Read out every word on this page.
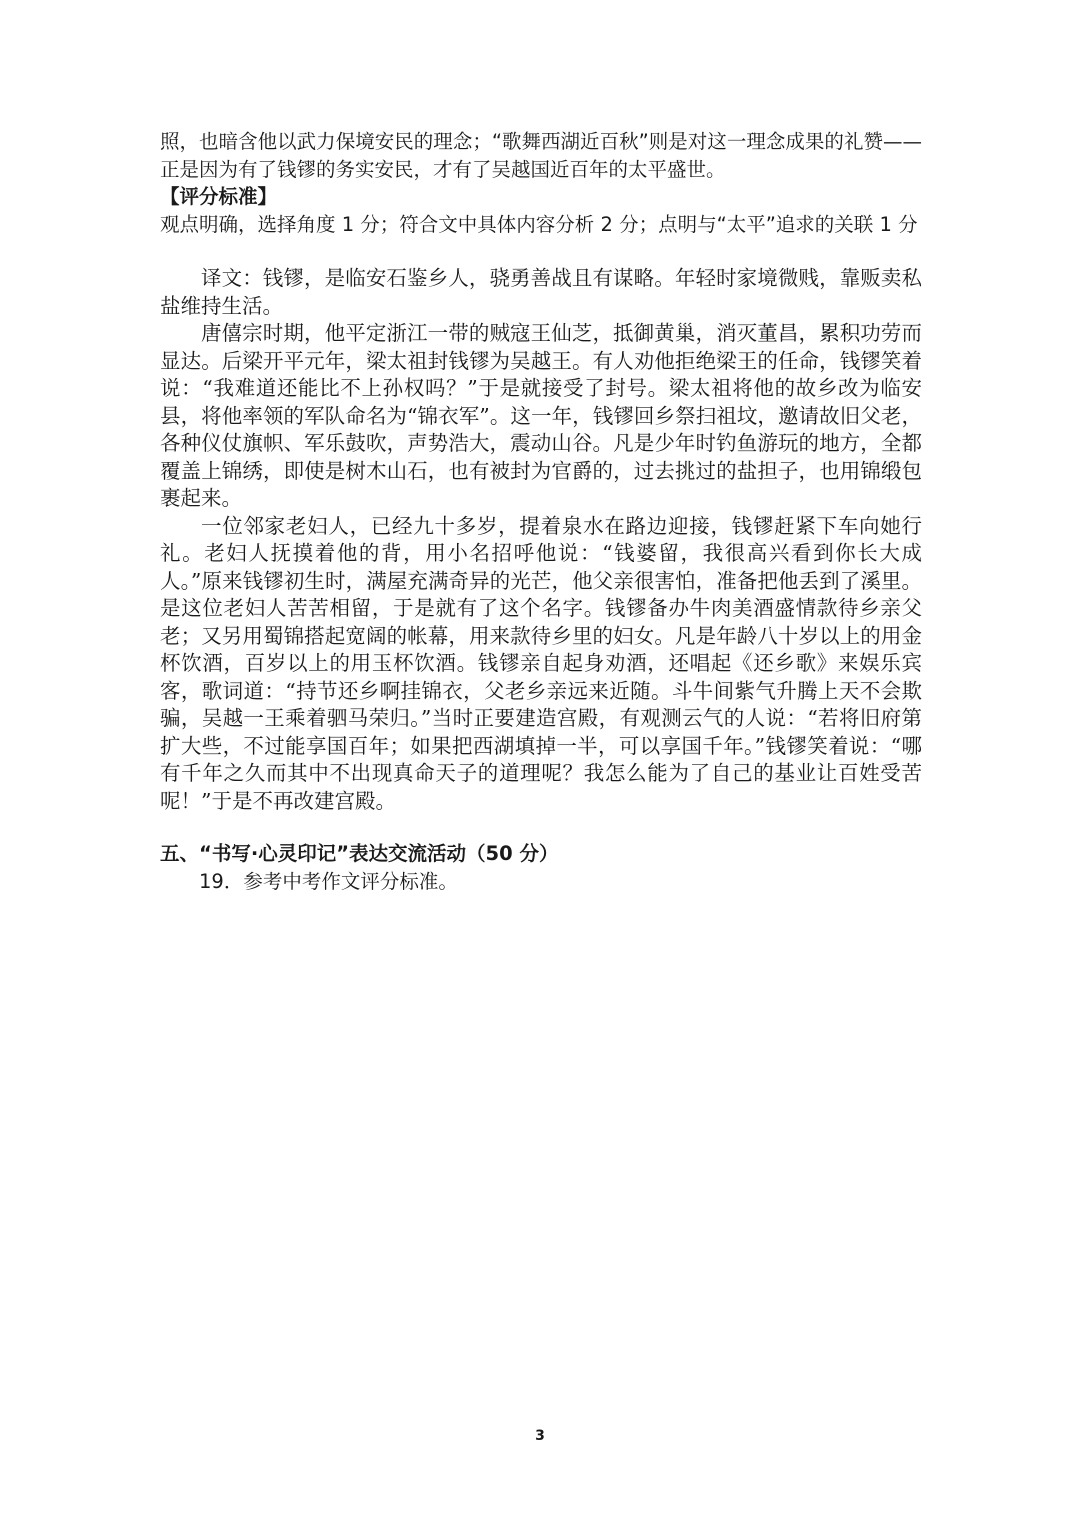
照，也暗含他以武力保境安民的理念；“歌舞西湖近百秋”则是对这一理念成果的礼赞——正是因为有了钱镠的务实安民，才有了吴越国近百年的太平盛世。

【评分标准】

观点明确，选择角度 1 分；符合文中具体内容分析 2 分；点明与“太平”追求的关联 1 分

译文：钱镠，是临安石鉴乡人，骁勇善战且有谋略。年轻时家境微贱，靠贩卖私盐维持生活。

唐僖宗时期，他平定浙江一带的贼寇王仙芝，抵御黄巢，消灭董昌，累积功劳而显达。后梁开平元年，梁太祖封钱镠为吴越王。有人劝他拒绝梁王的任命，钱镠笑着说：“我难道还能比不上孙权吗？”于是就接受了封号。梁太祖将他的故乡改为临安县，将他率领的军队命名为“锦衣军”。这一年，钱镠回乡祭扫祖坟，邀请故旧父老，各种仪仗旗帜、军乐鼓吹，声势浩大，震动山谷。凡是少年时钓鱼游玩的地方，全都覆盖上锦绣，即使是树木山石，也有被封为官爵的，过去挑过的盐担子，也用锦缎包裹起来。

一位邻家老妇人，已经九十多岁，提着泉水在路边迎接，钱镠赶紧下车向她行礼。老妇人抚摸着他的背，用小名招呼他说：“钱婆留，我很高兴看到你长大成人。”原来钱镠初生时，满屋充满奇异的光芒，他父亲很害怕，准备把他丢到了溪里。是这位老妇人苦苦相留，于是就有了这个名字。钱镠备办牛肉美酒盛情款待乡亲父老；又另用蜀锦搭起宽阔的帐幕，用来款待乡里的妇女。凡是年龄八十岁以上的用金杯饮酒，百岁以上的用玉杯饮酒。钱镠亲自起身劝酒，还唱起《还乡歌》来娱乐宾客，歌词道：“持节还乡啊挂锦衣，父老乡亲远来近随。斗牛间紫气升腾上天不会欺骗，吴越一王乘着驷马荣归。”当时正要建造宫殿，有观测云气的人说：“若将旧府第扩大些，不过能享国百年；如果把西湖填掉一半，可以享国千年。”钱镠笑着说：“哪有千年之久而其中不出现真命天子的道理呢？我怎么能为了自己的基业让百姓受苦呢！”于是不再改建宫殿。

五、“书写·心灵印记”表达交流活动（50 分）

19．参考中考作文评分标准。

3
